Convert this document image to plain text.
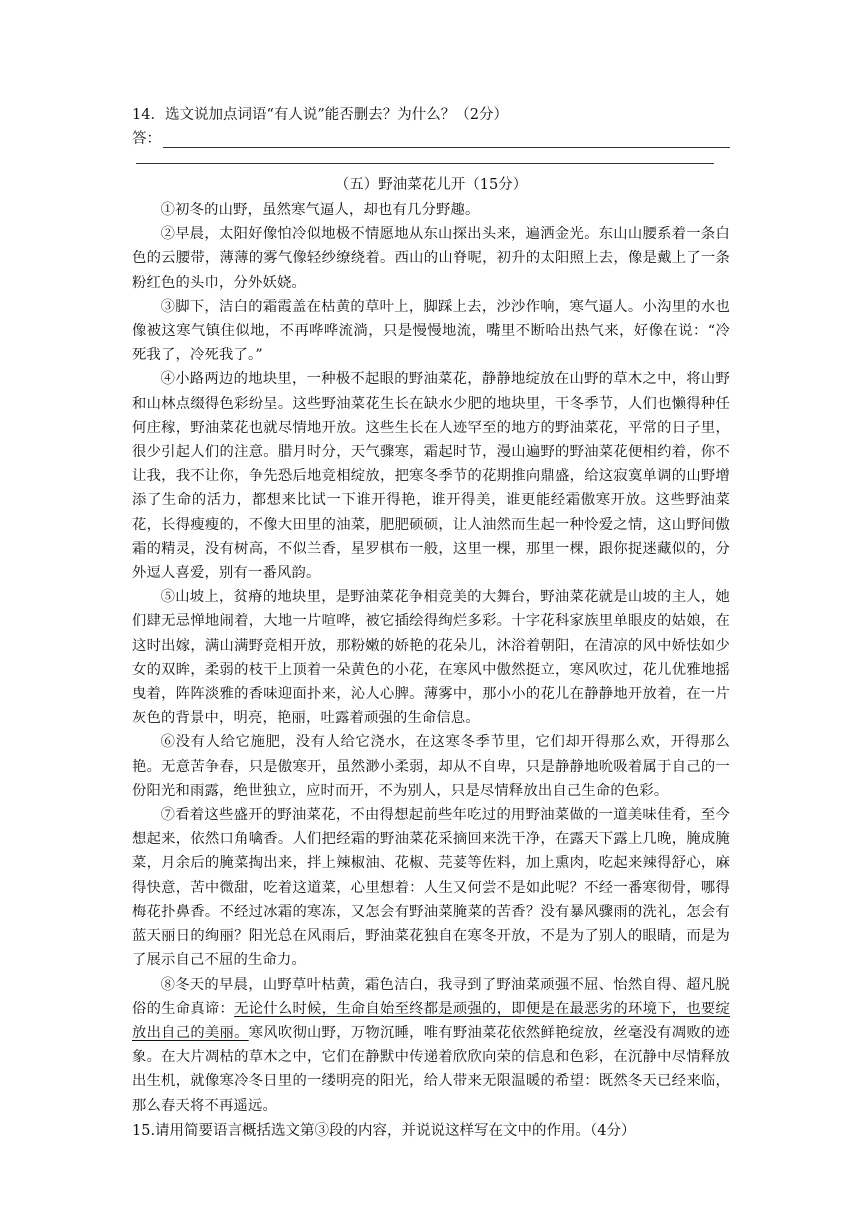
14．选文说加点词语“有人说”能否删去？为什么？（2分）

答：
（五）野油菜花儿开（15分）

①初冬的山野，虽然寒气逼人，却也有几分野趣。

②早晨，太阳好像怕冷似地极不情愿地从东山探出头来，遍洒金光。东山山腰系着一条白色的云腰带，薄薄的雾气像轻纱缭绕着。西山的山脊呢，初升的太阳照上去，像是戴上了一条粉红色的头巾，分外妖娆。

③脚下，洁白的霜霞盖在枯黄的草叶上，脚踩上去，沙沙作响，寒气逼人。小沟里的水也像被这寒气镇住似地，不再哗哗流淌，只是慢慢地流，嘴里不断哈出热气来，好像在说：“冷死我了，冷死我了。”

④小路两边的地块里，一种极不起眼的野油菜花，静静地绽放在山野的草木之中，将山野和山林点缀得色彩纷呈。这些野油菜花生长在缺水少肥的地块里，干冬季节，人们也懒得种任何庄稼，野油菜花也就尽情地开放。这些生长在人迹罕至的地方的野油菜花，平常的日子里，很少引起人们的注意。腊月时分，天气骤寒，霜起时节，漫山遍野的野油菜花便相约着，你不让我，我不让你，争先恐后地竞相绽放，把寒冬季节的花期推向鼎盛，给这寂寞单调的山野增添了生命的活力，都想来比试一下谁开得艳，谁开得美，谁更能经霜傲寒开放。这些野油菜花，长得瘦瘦的，不像大田里的油菜，肥肥硕硕，让人油然而生起一种怜爱之情，这山野间傲霜的精灵，没有树高，不似兰香，星罗棋布一般，这里一棵，那里一棵，跟你捉迷藏似的，分外逗人喜爱，别有一番风韵。

⑤山坡上，贫瘠的地块里，是野油菜花争相竞美的大舞台，野油菜花就是山坡的主人，她们肆无忌惮地闹着，大地一片喧哗，被它插绘得绚烂多彩。十字花科家族里单眼皮的姑娘，在这时出嫁，满山满野竞相开放，那粉嫩的娇艳的花朵儿，沐浴着朝阳，在清凉的风中娇怯如少女的双眸，柔弱的枝干上顶着一朵黄色的小花，在寒风中傲然挺立，寒风吹过，花儿优雅地摇曳着，阵阵淡雅的香味迎面扑来，沁人心脾。薄雾中，那小小的花儿在静静地开放着，在一片灰色的背景中，明亮，艳丽，吐露着顽强的生命信息。

⑥没有人给它施肥，没有人给它浇水，在这寒冬季节里，它们却开得那么欢，开得那么艳。无意苦争春，只是傲寒开，虽然渺小柔弱，却从不自卑，只是静静地吮吸着属于自己的一份阳光和雨露，绝世独立，应时而开，不为别人，只是尽情释放出自己生命的色彩。

⑦看着这些盛开的野油菜花，不由得想起前些年吃过的用野油菜做的一道美味佳肴，至今想起来，依然口角噙香。人们把经霜的野油菜花采摘回来洗干净，在露天下露上几晚，腌成腌菜，月余后的腌菜掏出来，拌上辣椒油、花椒、芫荽等佐料，加上熏肉，吃起来辣得舒心，麻得快意，苦中微甜，吃着这道菜，心里想着：人生又何尝不是如此呢？不经一番寒彻骨，哪得梅花扑鼻香。不经过冰霜的寒冻，又怎会有野油菜腌菜的苦香？没有暴风骤雨的洗礼，怎会有蓝天丽日的绚丽？阳光总在风雨后，野油菜花独自在寒冬开放，不是为了别人的眼睛，而是为了展示自己不屈的生命力。

⑧冬天的早晨，山野草叶枯黄，霜色洁白，我寻到了野油菜顽强不屈、怡然自得、超凡脱俗的生命真谛：无论什么时候，生命自始至终都是顽强的，即便是在最恶劣的环境下，也要绽放出自己的美丽。寒风吹彻山野，万物沉睡，唯有野油菜花依然鲜艳绽放，丝毫没有凋败的迹象。在大片凋枯的草木之中，它们在静默中传递着欣欣向荣的信息和色彩，在沉静中尽情释放出生机，就像寒冷冬日里的一缕明亮的阳光，给人带来无限温暖的希望：既然冬天已经来临，那么春天将不再遥远。

15.请用简要语言概括选文第③段的内容，并说说这样写在文中的作用。（4分）
